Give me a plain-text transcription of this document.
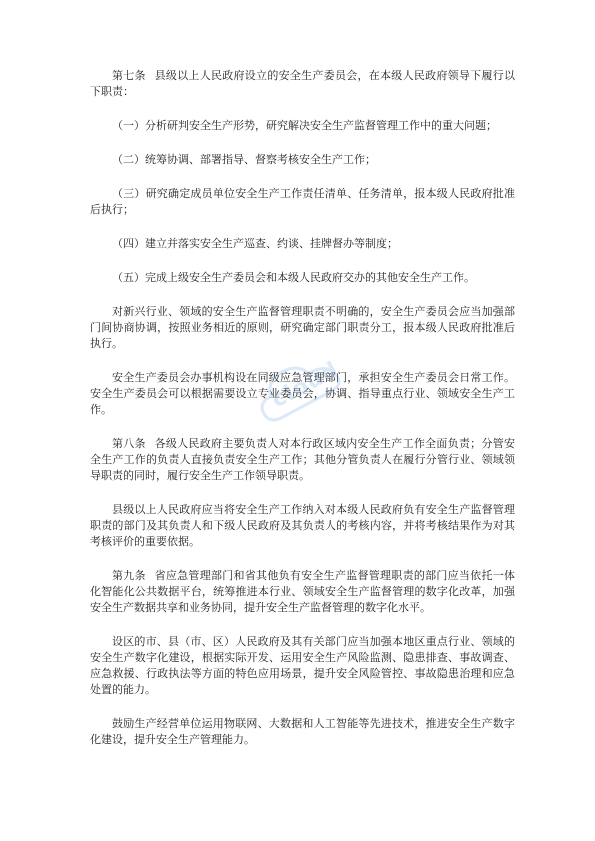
第七条 县级以上人民政府设立的安全生产委员会，在本级人民政府领导下履行以下职责：

（一）分析研判安全生产形势，研究解决安全生产监督管理工作中的重大问题；

（二）统筹协调、部署指导、督察考核安全生产工作；

（三）研究确定成员单位安全生产工作责任清单、任务清单，报本级人民政府批准后执行；

（四）建立并落实安全生产巡查、约谈、挂牌督办等制度；

（五）完成上级安全生产委员会和本级人民政府交办的其他安全生产工作。

对新兴行业、领域的安全生产监督管理职责不明确的，安全生产委员会应当加强部门间协商协调，按照业务相近的原则，研究确定部门职责分工，报本级人民政府批准后执行。

安全生产委员会办事机构设在同级应急管理部门，承担安全生产委员会日常工作。安全生产委员会可以根据需要设立专业委员会，协调、指导重点行业、领域安全生产工作。

第八条 各级人民政府主要负责人对本行政区域内安全生产工作全面负责；分管安全生产工作的负责人直接负责安全生产工作；其他分管负责人在履行分管行业、领域领导职责的同时，履行安全生产工作领导职责。

县级以上人民政府应当将安全生产工作纳入对本级人民政府负有安全生产监督管理职责的部门及其负责人和下级人民政府及其负责人的考核内容，并将考核结果作为对其考核评价的重要依据。

第九条 省应急管理部门和省其他负有安全生产监督管理职责的部门应当依托一体化智能化公共数据平台，统筹推进本行业、领域安全生产监督管理的数字化改革，加强安全生产数据共享和业务协同，提升安全生产监督管理的数字化水平。

设区的市、县（市、区）人民政府及其有关部门应当加强本地区重点行业、领域的安全生产数字化建设，根据实际开发、运用安全生产风险监测、隐患排查、事故调查、应急救援、行政执法等方面的特色应用场景，提升安全风险管控、事故隐患治理和应急处置的能力。

鼓励生产经营单位运用物联网、大数据和人工智能等先进技术，推进安全生产数字化建设，提升安全生产管理能力。

cloud
